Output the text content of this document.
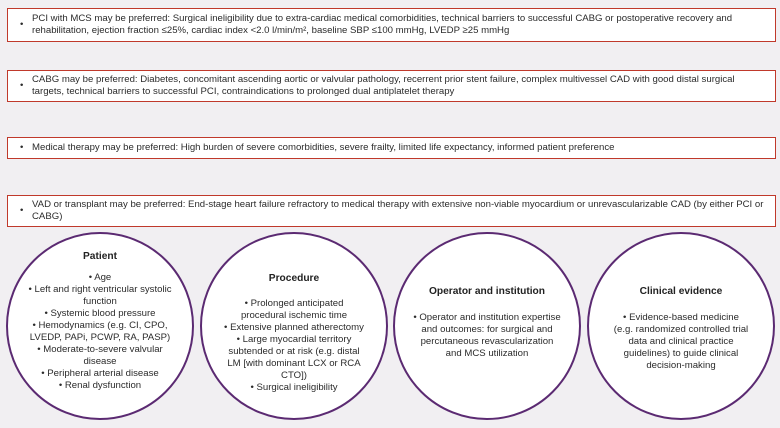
•
PCI with MCS may be preferred: Surgical ineligibility due to extra-cardiac medical comorbidities, technical barriers to successful CABG or postoperative recovery and rehabilitation, ejection fraction ≤25%, cardiac index <2.0 l/min/m², baseline SBP ≤100 mmHg, LVEDP ≥25 mmHg
•
CABG may be preferred: Diabetes, concomitant ascending aortic or valvular pathology, recerrent prior stent failure, complex multivessel CAD with good distal surgical targets, technical barriers to successful PCI, contraindications to prolonged dual antiplatelet therapy
• Medical therapy may be preferred: High burden of severe comorbidities, severe frailty, limited life expectancy, informed patient preference
•
VAD or transplant may be preferred: End-stage heart failure refractory to medical therapy with extensive non-viable myocardium or unrevascularizable CAD (by either PCI or CABG)
Patient
• Age
• Left and right ventricular systolic function
• Systemic blood pressure
• Hemodynamics (e.g. CI, CPO, LVEDP, PAPi, PCWP, RA, PASP)
• Moderate-to-severe valvular disease
• Peripheral arterial disease
• Renal dysfunction
Procedure
• Prolonged anticipated procedural ischemic time
• Extensive planned atherectomy
• Large myocardial territory subtended or at risk (e.g. distal LM [with dominant LCX or RCA CTO])
• Surgical ineligibility
Operator and institution
• Operator and institution expertise and outcomes: for surgical and percutaneous revascularization and MCS utilization
Clinical evidence
• Evidence-based medicine (e.g. randomized controlled trial data and clinical practice guidelines) to guide clinical decision-making
